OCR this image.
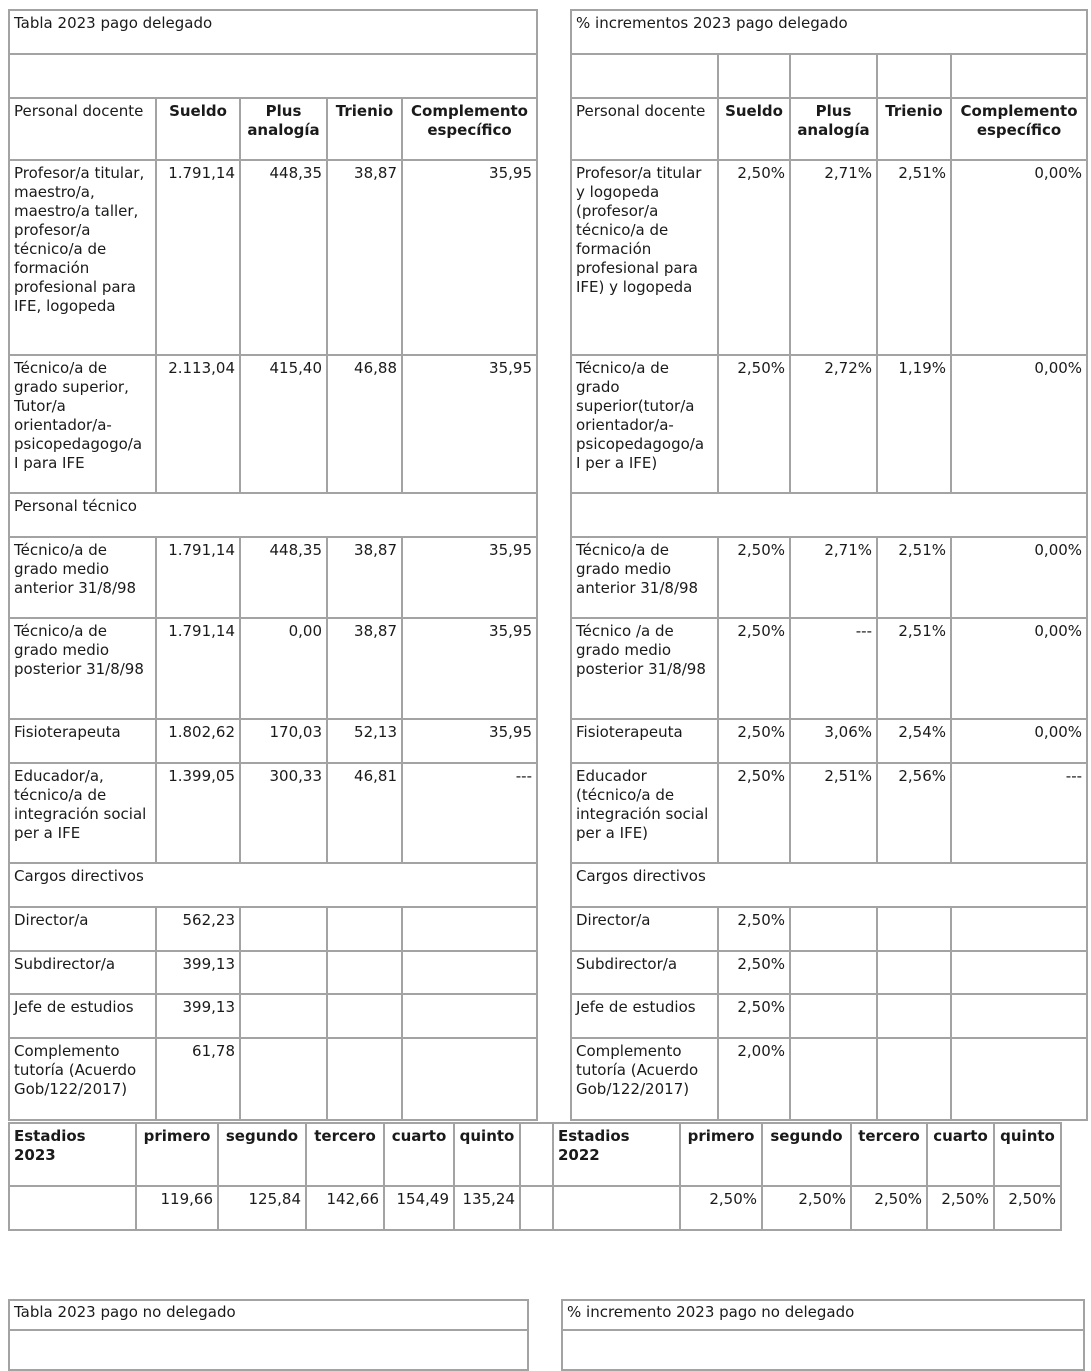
Tabla 2023 pago delegado						% incrementos 2023 pago delegado				

Personal docente	Sueldo	Plus analogía	Trienio	Complemento específico		Personal docente	Sueldo	Plus analogía	Trienio	Complemento específico
Profesor/a titular, maestro/a, maestro/a taller, profesor/a técnico/a de formación profesional para IFE, logopeda	1.791,14	448,35	38,87	35,95		Profesor/a titular y logopeda (profesor/a técnico/a de formación profesional para IFE) y logopeda	2,50%	2,71%	2,51%	0,00%
Técnico/a de grado superior, Tutor/a orientador/a-psicopedagogo/a I para IFE	2.113,04	415,40	46,88	35,95		Técnico/a de grado superior(tutor/a orientador/a-psicopedagogo/a I per a IFE)	2,50%	2,72%	1,19%	0,00%
Personal técnico										
Técnico/a de grado medio anterior 31/8/98	1.791,14	448,35	38,87	35,95		Técnico/a de grado medio anterior 31/8/98	2,50%	2,71%	2,51%	0,00%
Técnico/a de grado medio posterior 31/8/98	1.791,14	0,00	38,87	35,95		Técnico /a de grado medio posterior 31/8/98	2,50%	---	2,51%	0,00%
Fisioterapeuta	1.802,62	170,03	52,13	35,95		Fisioterapeuta	2,50%	3,06%	2,54%	0,00%
Educador/a, técnico/a de integración social per a IFE	1.399,05	300,33	46,81	---		Educador (técnico/a de integración social per a IFE)	2,50%	2,51%	2,56%	---
Cargos directivos						Cargos directivos				
Director/a	562,23					Director/a	2,50%			
Subdirector/a	399,13					Subdirector/a	2,50%			
Jefe de estudios	399,13					Jefe de estudios	2,50%			
Complemento tutoría (Acuerdo Gob/122/2017)	61,78					Complemento tutoría (Acuerdo Gob/122/2017)	2,00%			
Estadios 2023	primero	segundo	tercero	cuarto	quinto		Estadios 2022	primero	segundo	tercero	cuarto	quinto
	119,66	125,84	142,66	154,49	135,24			2,50%	2,50%	2,50%	2,50%	2,50%
Tabla 2023 pago no delegado		% incremento 2023 pago no delegado
